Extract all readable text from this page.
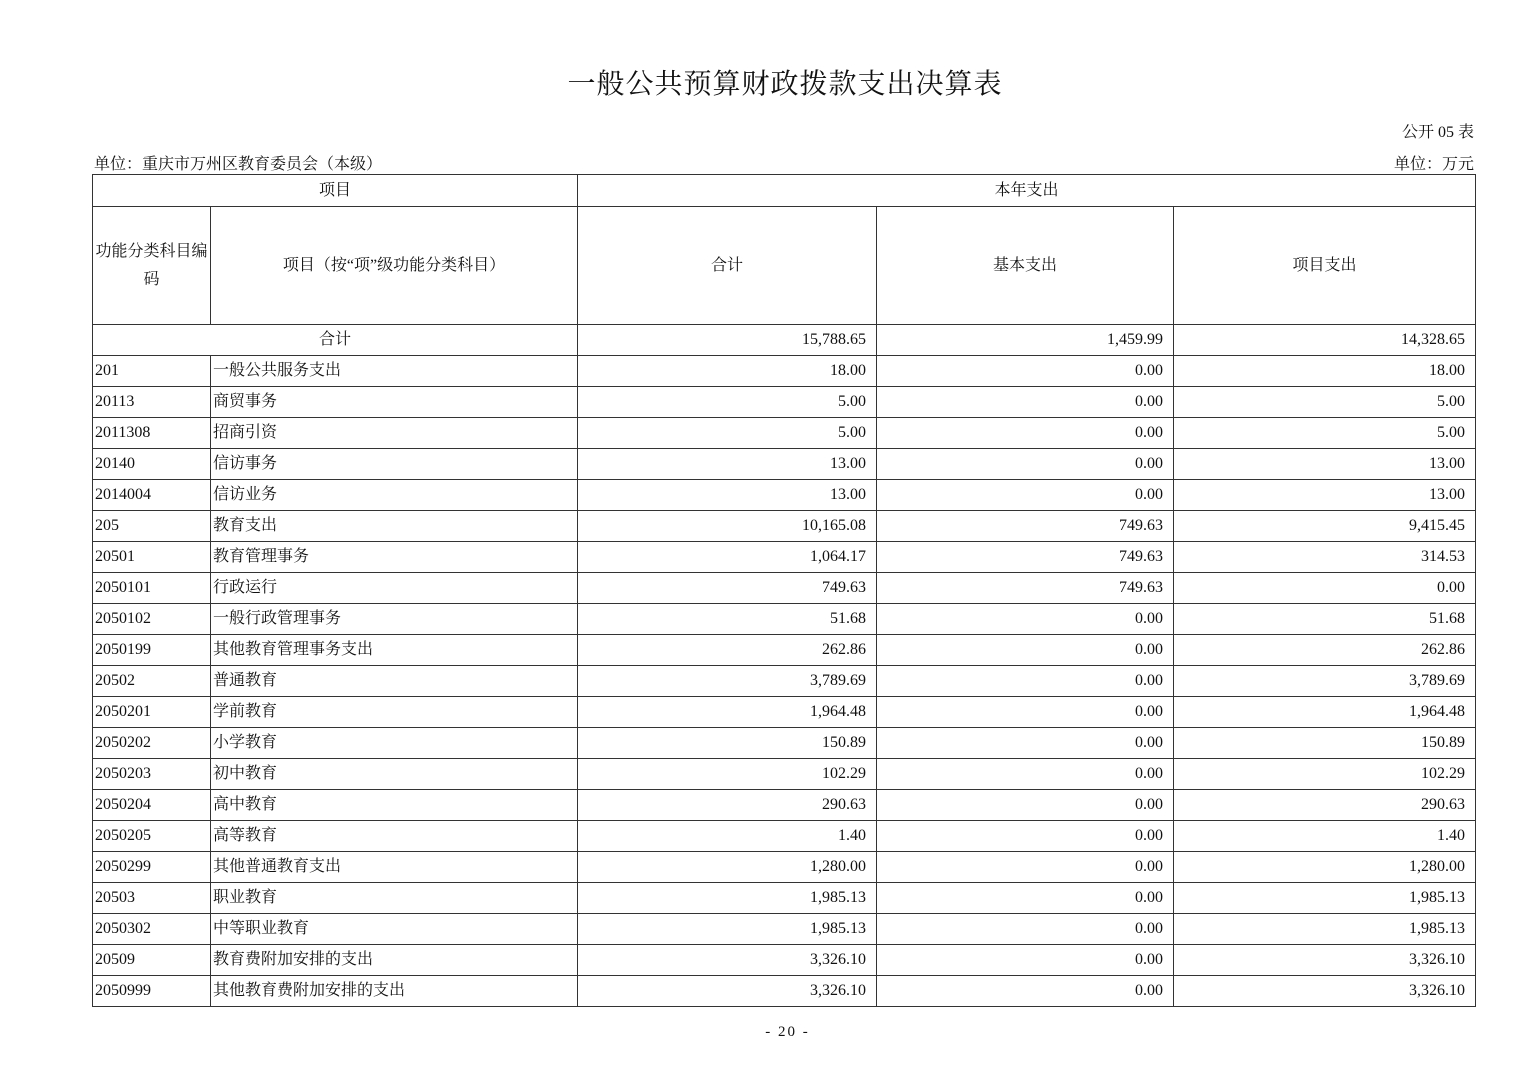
一般公共预算财政拨款支出决算表
公开 05 表
单位：重庆市万州区教育委员会（本级）	单位：万元
项目		本年支出		
功能分类科目编码	项目（按“项”级功能分类科目）	合计	基本支出	项目支出
合计		15,788.65	1,459.99	14,328.65
201	一般公共服务支出	18.00	0.00	18.00
20113	商贸事务	5.00	0.00	5.00
2011308	招商引资	5.00	0.00	5.00
20140	信访事务	13.00	0.00	13.00
2014004	信访业务	13.00	0.00	13.00
205	教育支出	10,165.08	749.63	9,415.45
20501	教育管理事务	1,064.17	749.63	314.53
2050101	行政运行	749.63	749.63	0.00
2050102	一般行政管理事务	51.68	0.00	51.68
2050199	其他教育管理事务支出	262.86	0.00	262.86
20502	普通教育	3,789.69	0.00	3,789.69
2050201	学前教育	1,964.48	0.00	1,964.48
2050202	小学教育	150.89	0.00	150.89
2050203	初中教育	102.29	0.00	102.29
2050204	高中教育	290.63	0.00	290.63
2050205	高等教育	1.40	0.00	1.40
2050299	其他普通教育支出	1,280.00	0.00	1,280.00
20503	职业教育	1,985.13	0.00	1,985.13
2050302	中等职业教育	1,985.13	0.00	1,985.13
20509	教育费附加安排的支出	3,326.10	0.00	3,326.10
2050999	其他教育费附加安排的支出	3,326.10	0.00	3,326.10
- 20 -
